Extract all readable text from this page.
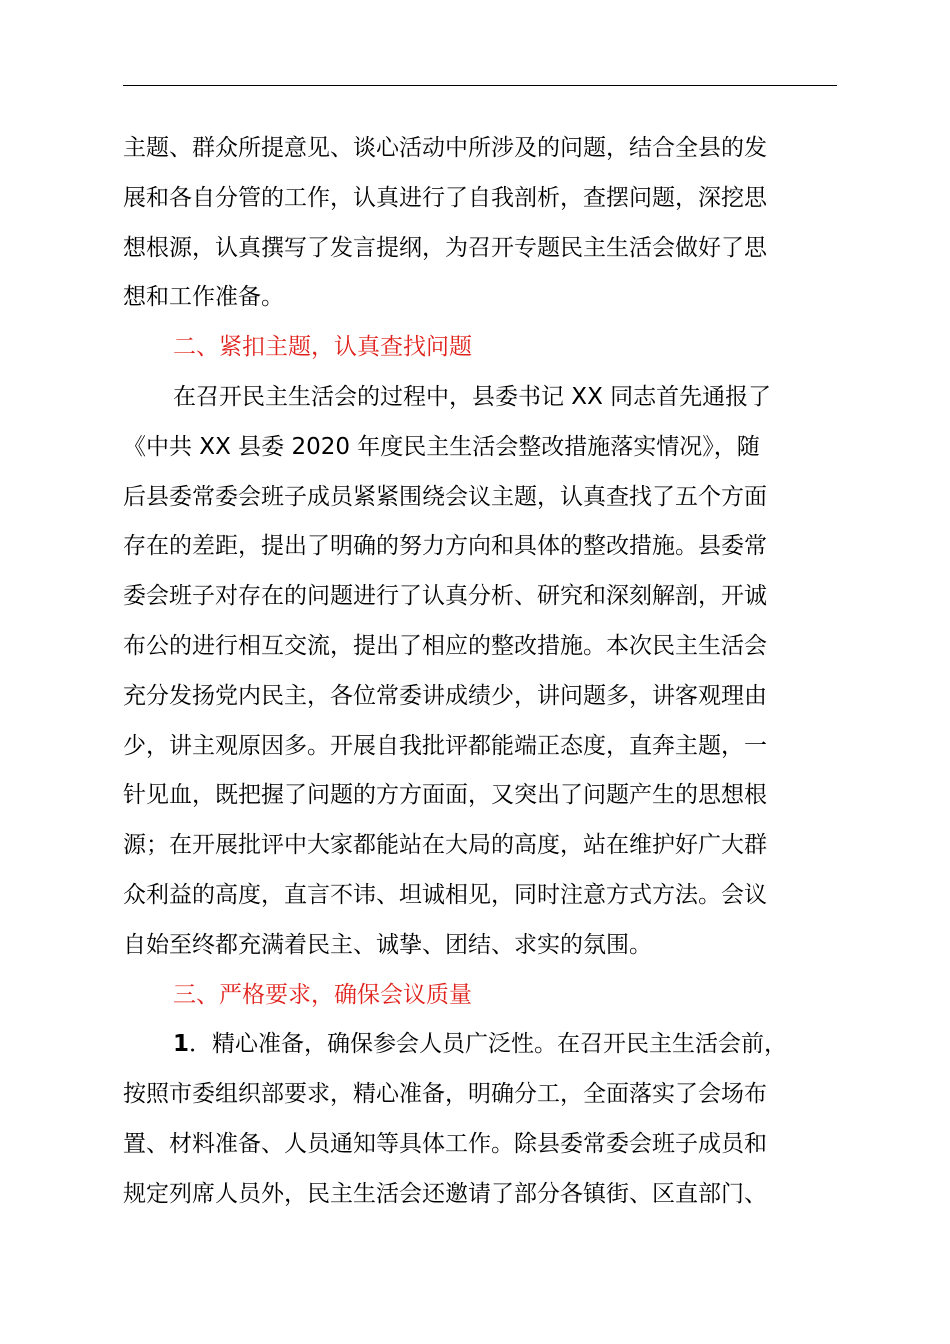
主题、群众所提意见、谈心活动中所涉及的问题，结合全县的发
展和各自分管的工作，认真进行了自我剖析，查摆问题，深挖思
想根源，认真撰写了发言提纲，为召开专题民主生活会做好了思
想和工作准备。
二、紧扣主题，认真查找问题
在召开民主生活会的过程中，县委书记 XX 同志首先通报了
《中共 XX 县委 2020 年度民主生活会整改措施落实情况》，随
后县委常委会班子成员紧紧围绕会议主题，认真查找了五个方面
存在的差距，提出了明确的努力方向和具体的整改措施。县委常
委会班子对存在的问题进行了认真分析、研究和深刻解剖，开诚
布公的进行相互交流，提出了相应的整改措施。本次民主生活会
充分发扬党内民主，各位常委讲成绩少，讲问题多，讲客观理由
少，讲主观原因多。开展自我批评都能端正态度，直奔主题，一
针见血，既把握了问题的方方面面，又突出了问题产生的思想根
源；在开展批评中大家都能站在大局的高度，站在维护好广大群
众利益的高度，直言不讳、坦诚相见，同时注意方式方法。会议
自始至终都充满着民主、诚挚、团结、求实的氛围。
三、严格要求，确保会议质量
1．精心准备，确保参会人员广泛性。在召开民主生活会前，
按照市委组织部要求，精心准备，明确分工，全面落实了会场布
置、材料准备、人员通知等具体工作。除县委常委会班子成员和
规定列席人员外，民主生活会还邀请了部分各镇街、区直部门、
